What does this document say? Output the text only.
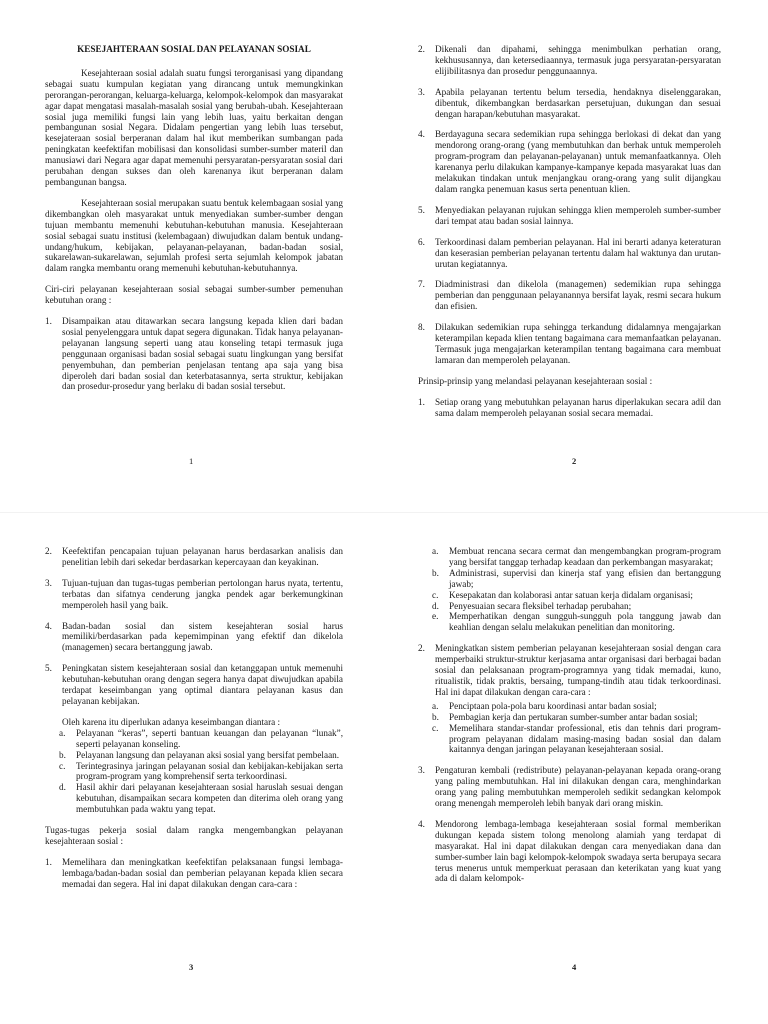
KESEJAHTERAAN SOSIAL DAN PELAYANAN SOSIAL

Kesejahteraan sosial adalah suatu fungsi terorganisasi yang dipandang sebagai suatu kumpulan kegiatan yang dirancang untuk memungkinkan perorangan-perorangan, keluarga-keluarga, kelompok-kelompok dan masyarakat agar dapat mengatasi masalah-masalah sosial yang berubah-ubah. Kesejahteraan sosial juga memiliki fungsi lain yang lebih luas, yaitu berkaitan dengan pembangunan sosial Negara. Didalam pengertian yang lebih luas tersebut, kesejateraan sosial berperanan dalam hal ikut memberikan sumbangan pada peningkatan keefektifan mobilisasi dan konsolidasi sumber-sumber materil dan manusiawi dari Negara agar dapat memenuhi persyaratan-persyaratan sosial dari perubahan dengan sukses dan oleh karenanya ikut berperanan dalam pembangunan bangsa.

Kesejahteraan sosial merupakan suatu bentuk kelembagaan sosial yang dikembangkan oleh masyarakat untuk menyediakan sumber-sumber dengan tujuan membantu memenuhi kebutuhan-kebutuhan manusia. Kesejahteraan sosial sebagai suatu institusi (kelembagaan) diwujudkan dalam bentuk undang-undang/hukum, kebijakan, pelayanan-pelayanan, badan-badan sosial, sukarelawan-sukarelawan, sejumlah profesi serta sejumlah kelompok jabatan dalam rangka membantu orang memenuhi kebutuhan-kebutuhannya.

Ciri-ciri pelayanan kesejahteraan sosial sebagai sumber-sumber pemenuhan kebutuhan orang :

1. Disampaikan atau ditawarkan secara langsung kepada klien dari badan sosial penyelenggara untuk dapat segera digunakan. Tidak hanya pelayanan-pelayanan langsung seperti uang atau konseling tetapi termasuk juga penggunaan organisasi badan sosial sebagai suatu lingkungan yang bersifat penyembuhan, dan pemberian penjelasan tentang apa saja yang bisa diperoleh dari badan sosial dan keterbatasannya, serta struktur, kebijakan dan prosedur-prosedur yang berlaku di badan sosial tersebut.
1
2. Dikenali dan dipahami, sehingga menimbulkan perhatian orang, kekhususannya, dan ketersediaannya, termasuk juga persyaratan-persyaratan elijibilitasnya dan prosedur penggunaannya.
3. Apabila pelayanan tertentu belum tersedia, hendaknya diselenggarakan, dibentuk, dikembangkan berdasarkan persetujuan, dukungan dan sesuai dengan harapan/kebutuhan masyarakat.
4. Berdayaguna secara sedemikian rupa sehingga berlokasi di dekat dan yang mendorong orang-orang (yang membutuhkan dan berhak untuk memperoleh program-program dan pelayanan-pelayanan) untuk memanfaatkannya. Oleh karenanya perlu dilakukan kampanye-kampanye kepada masyarakat luas dan melakukan tindakan untuk menjangkau orang-orang yang sulit dijangkau dalam rangka penemuan kasus serta penentuan klien.
5. Menyediakan pelayanan rujukan sehingga klien memperoleh sumber-sumber dari tempat atau badan sosial lainnya.
6. Terkoordinasi dalam pemberian pelayanan. Hal ini berarti adanya keteraturan dan keserasian pemberian pelayanan tertentu dalam hal waktunya dan urutan-urutan kegiatannya.
7. Diadministrasi dan dikelola (managemen) sedemikian rupa sehingga pemberian dan penggunaan pelayanannya bersifat layak, resmi secara hukum dan efisien.
8. Dilakukan sedemikian rupa sehingga terkandung didalamnya mengajarkan keterampilan kepada klien tentang bagaimana cara memanfaatkan pelayanan. Termasuk juga mengajarkan keterampilan tentang bagaimana cara membuat lamaran dan memperoleh pelayanan.

Prinsip-prinsip yang melandasi pelayanan kesejahteraan sosial :

1. Setiap orang yang mebutuhkan pelayanan harus diperlakukan secara adil dan sama dalam memperoleh pelayanan sosial secara memadai.
2
2. Keefektifan pencapaian tujuan pelayanan harus berdasarkan analisis dan penelitian lebih dari sekedar berdasarkan kepercayaan dan keyakinan.
3. Tujuan-tujuan dan tugas-tugas pemberian pertolongan harus nyata, tertentu, terbatas dan sifatnya cenderung jangka pendek agar berkemungkinan memperoleh hasil yang baik.
4. Badan-badan sosial dan sistem kesejahteran sosial harus memiliki/berdasarkan pada kepemimpinan yang efektif dan dikelola (managemen) secara bertanggung jawab.
5. Peningkatan sistem kesejahteraan sosial dan ketanggapan untuk memenuhi kebutuhan-kebutuhan orang dengan segera hanya dapat diwujudkan apabila terdapat keseimbangan yang optimal diantara pelayanan kasus dan pelayanan kebijakan.

Oleh karena itu diperlukan adanya keseimbangan diantara :

a. Pelayanan “keras”, seperti bantuan keuangan dan pelayanan “lunak”, seperti pelayanan konseling.
b. Pelayanan langsung dan pelayanan aksi sosial yang bersifat pembelaan.
c. Terintegrasinya jaringan pelayanan sosial dan kebijakan-kebijakan serta program-program yang komprehensif serta terkoordinasi.
d. Hasil akhir dari pelayanan kesejahteraan sosial haruslah sesuai dengan kebutuhan, disampaikan secara kompeten dan diterima oleh orang yang membutuhkan pada waktu yang tepat.

Tugas-tugas pekerja sosial dalam rangka mengembangkan pelayanan kesejahteraan sosial :

1. Memelihara dan meningkatkan keefektifan pelaksanaan fungsi lembaga-lembaga/badan-badan sosial dan pemberian pelayanan kepada klien secara memadai dan segera. Hal ini dapat dilakukan dengan cara-cara :
3
a. Membuat rencana secara cermat dan mengembangkan program-program yang bersifat tanggap terhadap keadaan dan perkembangan masyarakat;
b. Administrasi, supervisi dan kinerja staf yang efisien dan bertanggung jawab;
c. Kesepakatan dan kolaborasi antar satuan kerja didalam organisasi;
d. Penyesuaian secara fleksibel terhadap perubahan;
e. Memperhatikan dengan sungguh-sungguh pola tanggung jawab dan keahlian dengan selalu melakukan penelitian dan monitoring.
2. Meningkatkan sistem pemberian pelayanan kesejahteraan sosial dengan cara memperbaiki struktur-struktur kerjasama antar organisasi dari berbagai badan sosial dan pelaksanaan program-programnya yang tidak memadai, kuno, ritualistik, tidak praktis, bersaing, tumpang-tindih atau tidak terkoordinasi. Hal ini dapat dilakukan dengan cara-cara :
a. Penciptaan pola-pola baru koordinasi antar badan sosial;
b. Pembagian kerja dan pertukaran sumber-sumber antar badan sosial;
c. Memelihara standar-standar professional, etis dan tehnis dari program-program pelayanan didalam masing-masing badan sosial dan dalam kaitannya dengan jaringan pelayanan kesejahteraan sosial.
3. Pengaturan kembali (redistribute) pelayanan-pelayanan kepada orang-orang yang paling membutuhkan. Hal ini dilakukan dengan cara, menghindarkan orang yang paling membutuhkan memperoleh sedikit sedangkan kelompok orang menengah memperoleh lebih banyak dari orang miskin.
4. Mendorong lembaga-lembaga kesejahteraan sosial formal memberikan dukungan kepada sistem tolong menolong alamiah yang terdapat di masyarakat. Hal ini dapat dilakukan dengan cara menyediakan dana dan sumber-sumber lain bagi kelompok-kelompok swadaya serta berupaya secara terus menerus untuk memperkuat perasaan dan keterikatan yang kuat yang ada di dalam kelompok-
4
